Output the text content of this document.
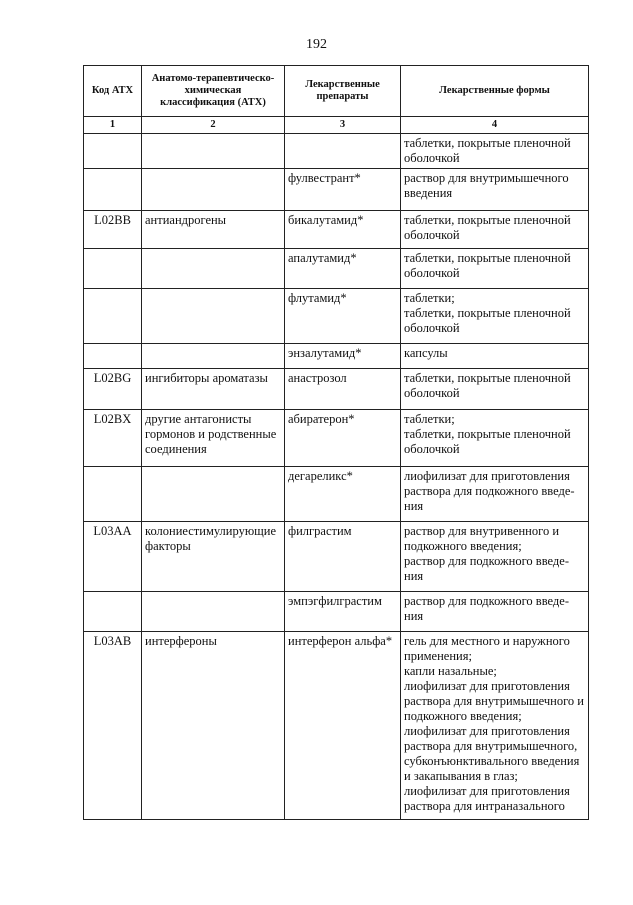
192
Код АТХ	Анатомо-терапевтическо-химическая классификация (АТХ)	Лекарственные препараты	Лекарственные формы
1	2	3	4

			таблетки, покрытые пленочной оболочкой

		фулвестрант*	раствор для внутримышечного введения

L02BB	антиандрогены	бикалутамид*	таблетки, покрытые пленочной оболочкой

		апалутамид*	таблетки, покрытые пленочной оболочкой

		флутамид*	таблетки;
таблетки, покрытые пленочной оболочкой

		энзалутамид*	капсулы

L02BG	ингибиторы ароматазы	анастрозол	таблетки, покрытые пленочной оболочкой

L02BX	другие антагонисты гормонов и родственные соединения	абиратерон*	таблетки;
таблетки, покрытые пленочной оболочкой

		дегареликс*	лиофилизат для приготовления раствора для подкожного введе-ния

L03AA	колониестимулирующие факторы	филграстим	раствор для внутривенного и подкожного введения;
раствор для подкожного введе-ния

		эмпэгфилграстим	раствор для подкожного введе-ния

L03AB	интерфероны	интерферон альфа*	гель для местного и наружного применения;
капли назальные;
лиофилизат для приготовления раствора для внутримышечного и подкожного введения;
лиофилизат для приготовления раствора для внутримышечного, субконъюнктивального введения и закапывания в глаз;
лиофилизат для приготовления раствора для интраназального
